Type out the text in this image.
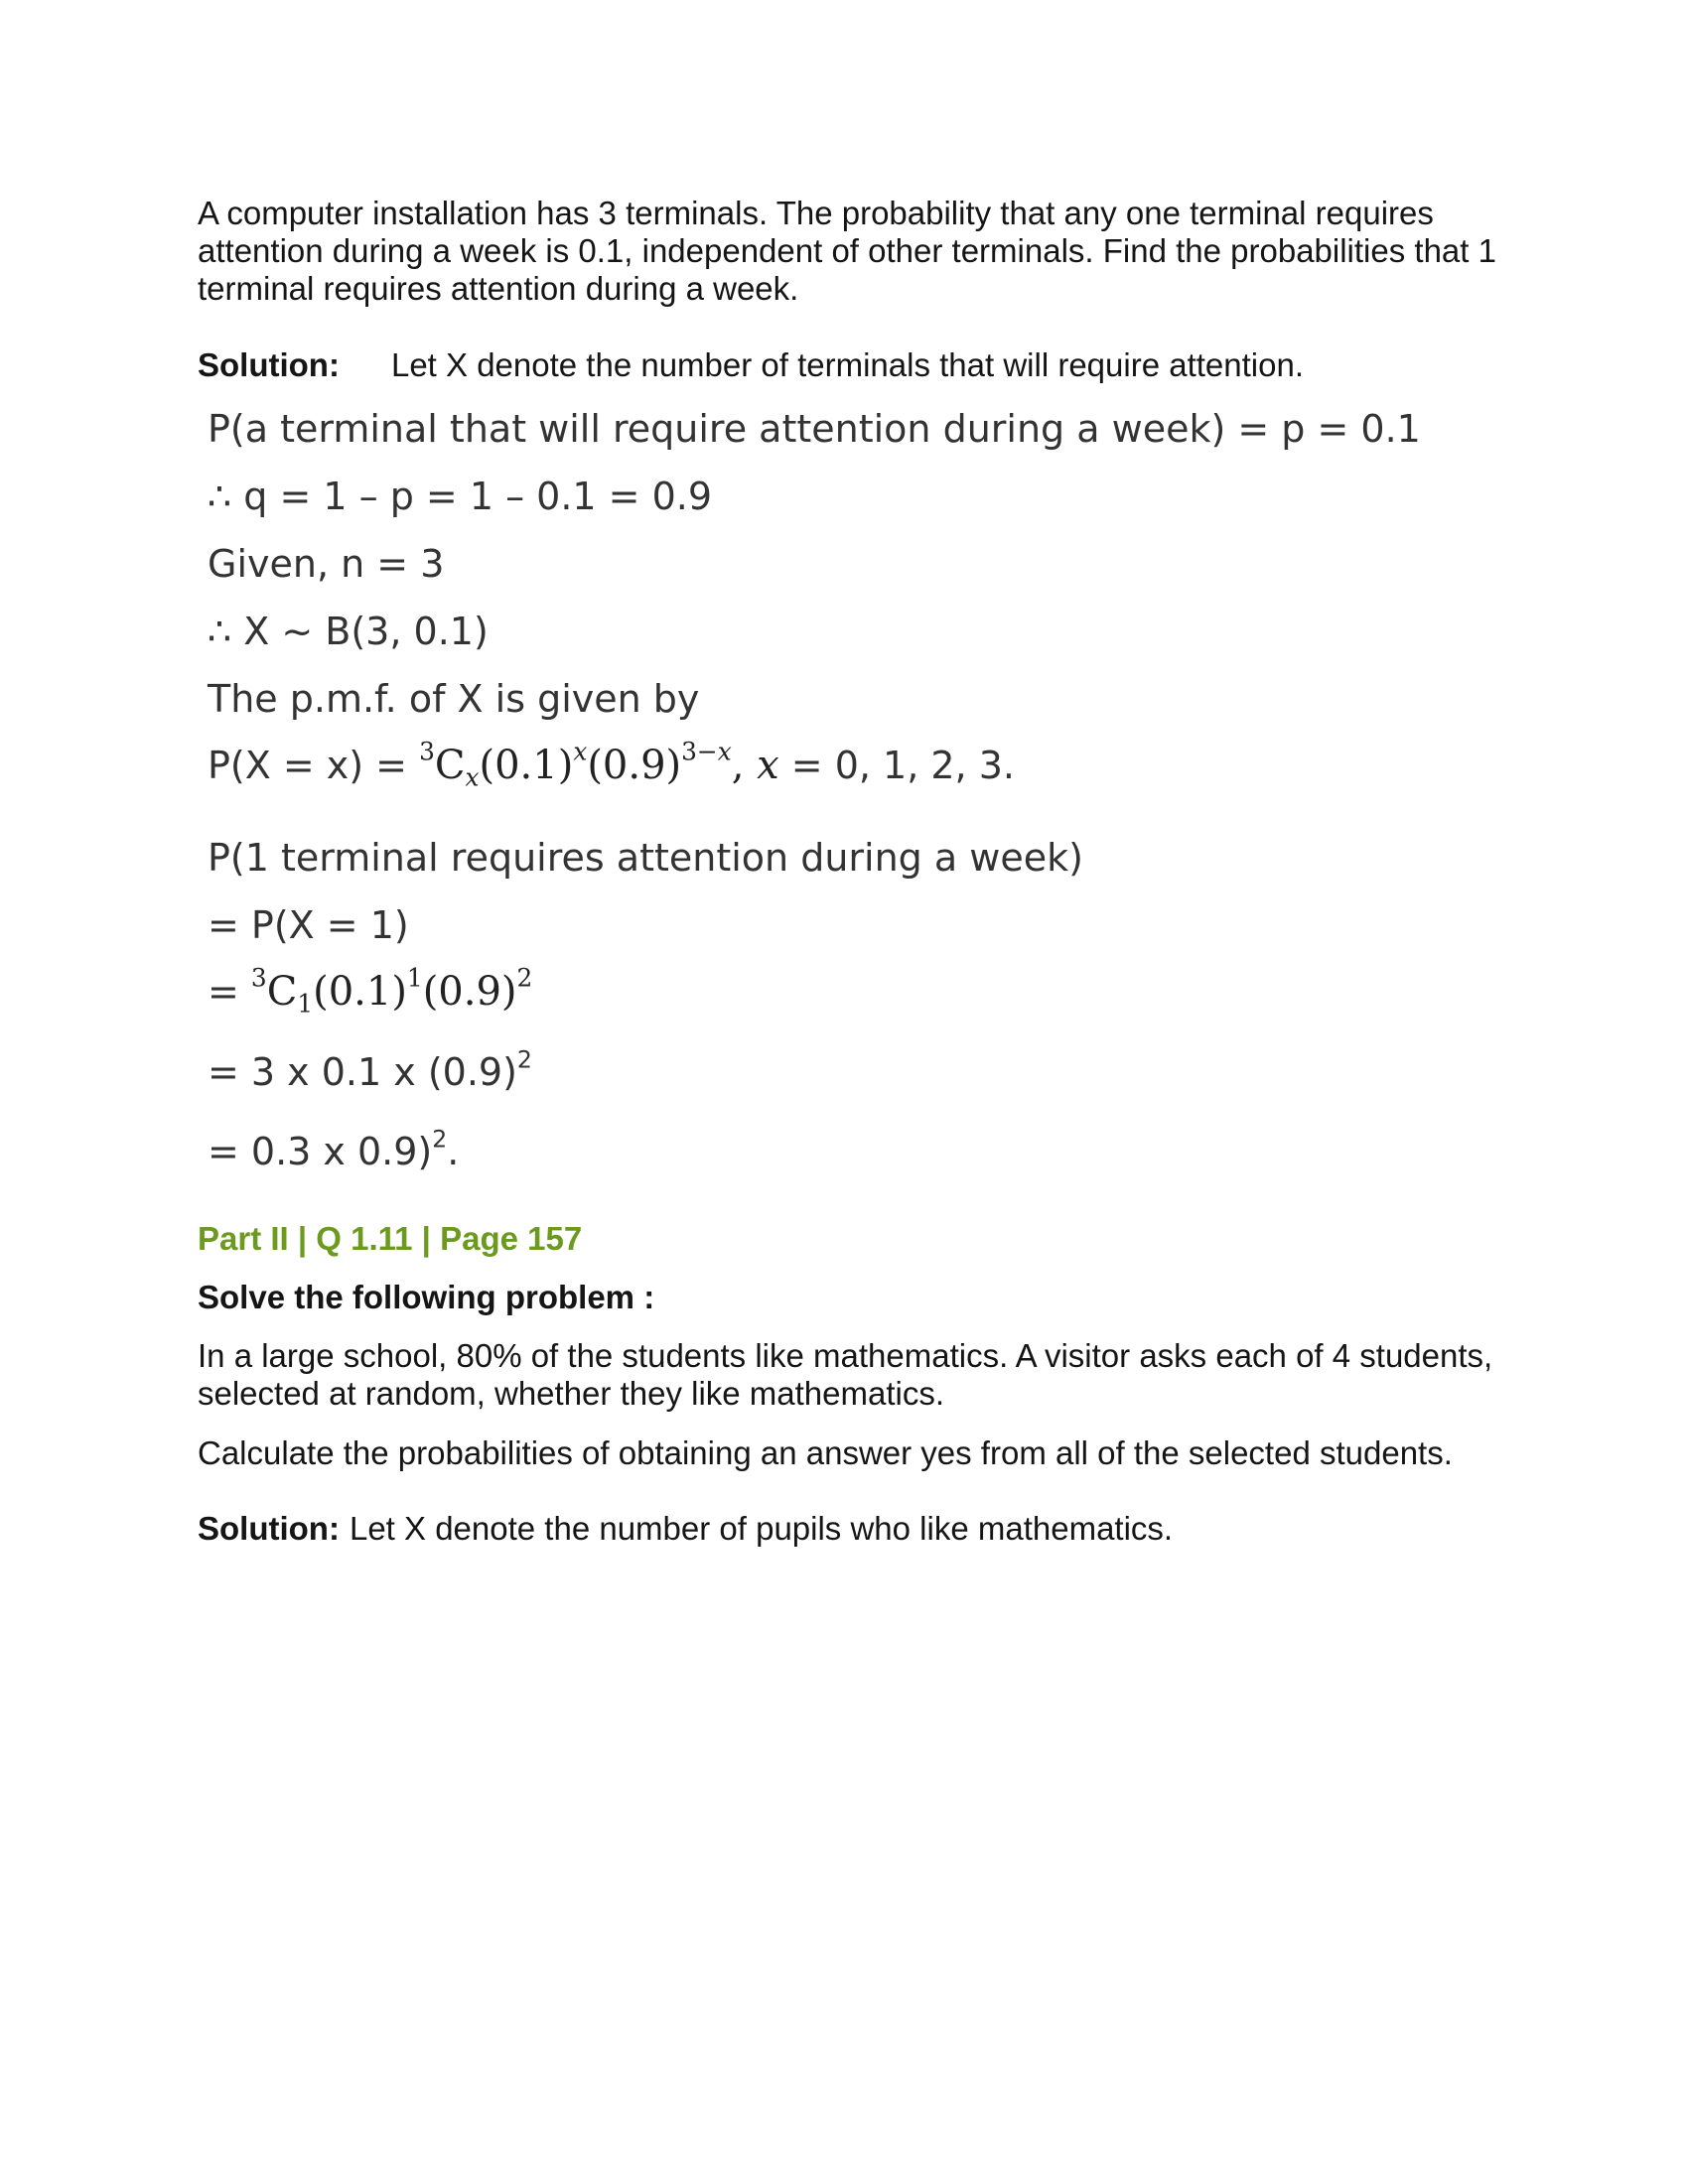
A computer installation has 3 terminals. The probability that any one terminal requires attention during a week is 0.1, independent of other terminals. Find the probabilities that 1 terminal requires attention during a week.
Solution: Let X denote the number of terminals that will require attention.
P(a terminal that will require attention during a week) = p = 0.1
∴ q = 1 – p = 1 – 0.1 = 0.9
Given, n = 3
∴ X ~ B(3, 0.1)
The p.m.f. of X is given by
$P(X = x) = ^3C_x(0.1)^x(0.9)^{3-x}$, x = 0, 1, 2, 3.
P(1 terminal requires attention during a week)
= P(X = 1)
= $^3C_1(0.1)^1(0.9)^2$
= 3 x 0.1 x $(0.9)^2$
= 0.3 x 0.9)$^2$.
Part II | Q 1.11 | Page 157
Solve the following problem :
In a large school, 80% of the students like mathematics. A visitor asks each of 4 students, selected at random, whether they like mathematics.
Calculate the probabilities of obtaining an answer yes from all of the selected students.
Solution: Let X denote the number of pupils who like mathematics.
